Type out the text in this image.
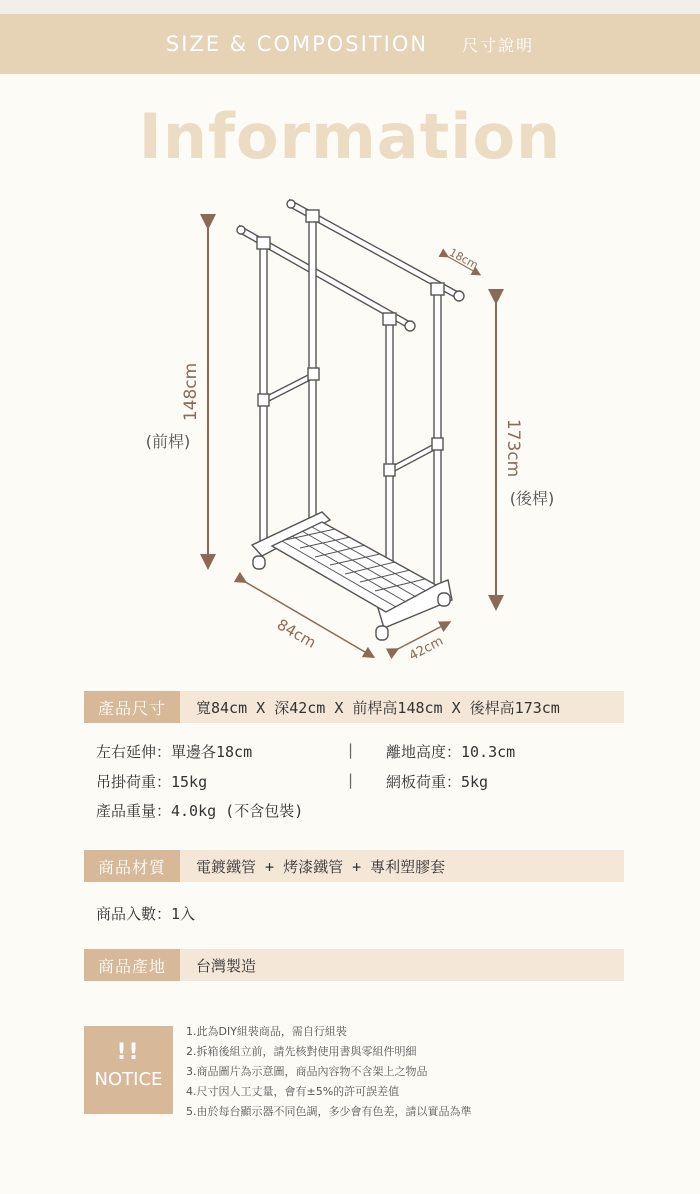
SIZE & COMPOSITION 尺寸說明
Information
148cm
(前桿)	173cm
(後桿)
18cm
84cm	42cm
產品尺寸	寬84cm X 深42cm X 前桿高148cm X 後桿高173cm
左右延伸：單邊各18cm	| 離地高度：10.3cm
吊掛荷重：15kg	| 網板荷重：5kg
產品重量：4.0kg (不含包裝)
商品材質	電鍍鐵管 + 烤漆鐵管 + 專利塑膠套
商品入數：1入
商品產地	台灣製造
!!
NOTICE
1.此為DIY組裝商品，需自行組裝
2.拆箱後組立前，請先核對使用書與零組件明細
3.商品圖片為示意圖，商品內容物不含架上之物品
4.尺寸因人工丈量，會有±5%的許可誤差值
5.由於每台顯示器不同色調，多少會有色差，請以實品為準
